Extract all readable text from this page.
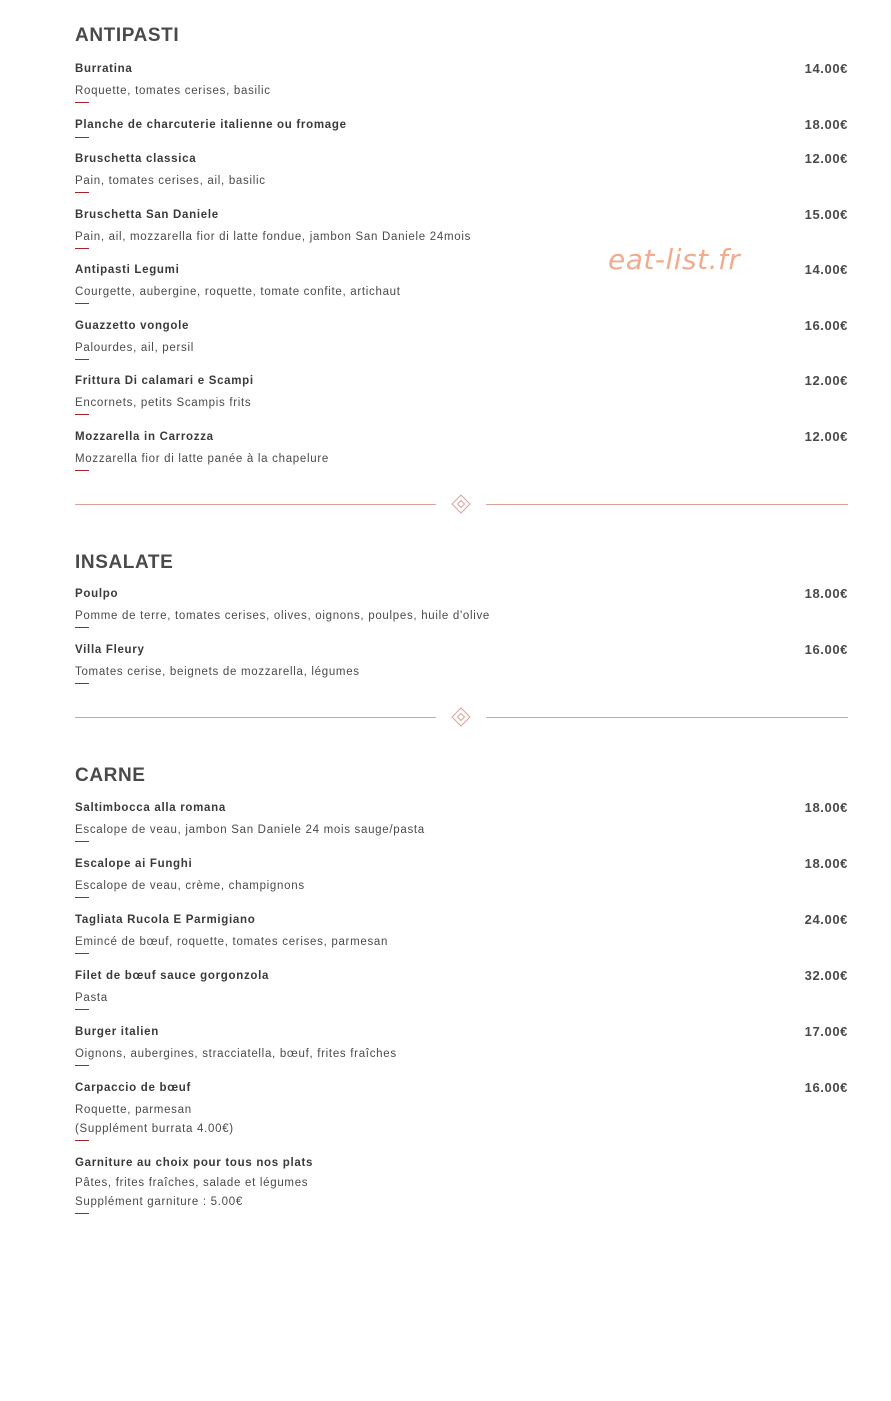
ANTIPASTI
Burratina	14.00€
Roquette, tomates cerises, basilic
Planche de charcuterie italienne ou fromage	18.00€
Bruschetta classica	12.00€
Pain, tomates cerises, ail, basilic
Bruschetta San Daniele	15.00€
Pain, ail, mozzarella fior di latte fondue, jambon San Daniele 24mois
Antipasti Legumi	14.00€
Courgette, aubergine, roquette, tomate confite, artichaut
Guazzetto vongole	16.00€
Palourdes, ail, persil
Frittura Di calamari e Scampi	12.00€
Encornets, petits Scampis frits
Mozzarella in Carrozza	12.00€
Mozzarella fior di latte panée à la chapelure
INSALATE
Poulpo	18.00€
Pomme de terre, tomates cerises, olives, oignons, poulpes, huile d'olive
Villa Fleury	16.00€
Tomates cerise, beignets de mozzarella, légumes
CARNE
Saltimbocca alla romana	18.00€
Escalope de veau, jambon San Daniele 24 mois sauge/pasta
Escalope ai Funghi	18.00€
Escalope de veau, crème, champignons
Tagliata Rucola E Parmigiano	24.00€
Emincé de bœuf, roquette, tomates cerises, parmesan
Filet de bœuf sauce gorgonzola	32.00€
Pasta
Burger italien	17.00€
Oignons, aubergines, stracciatella, bœuf, frites fraîches
Carpaccio de bœuf	16.00€
Roquette, parmesan
(Supplément burrata 4.00€)
Garniture au choix pour tous nos plats
Pâtes, frites fraîches, salade et légumes
Supplément garniture : 5.00€
eat-list.fr
